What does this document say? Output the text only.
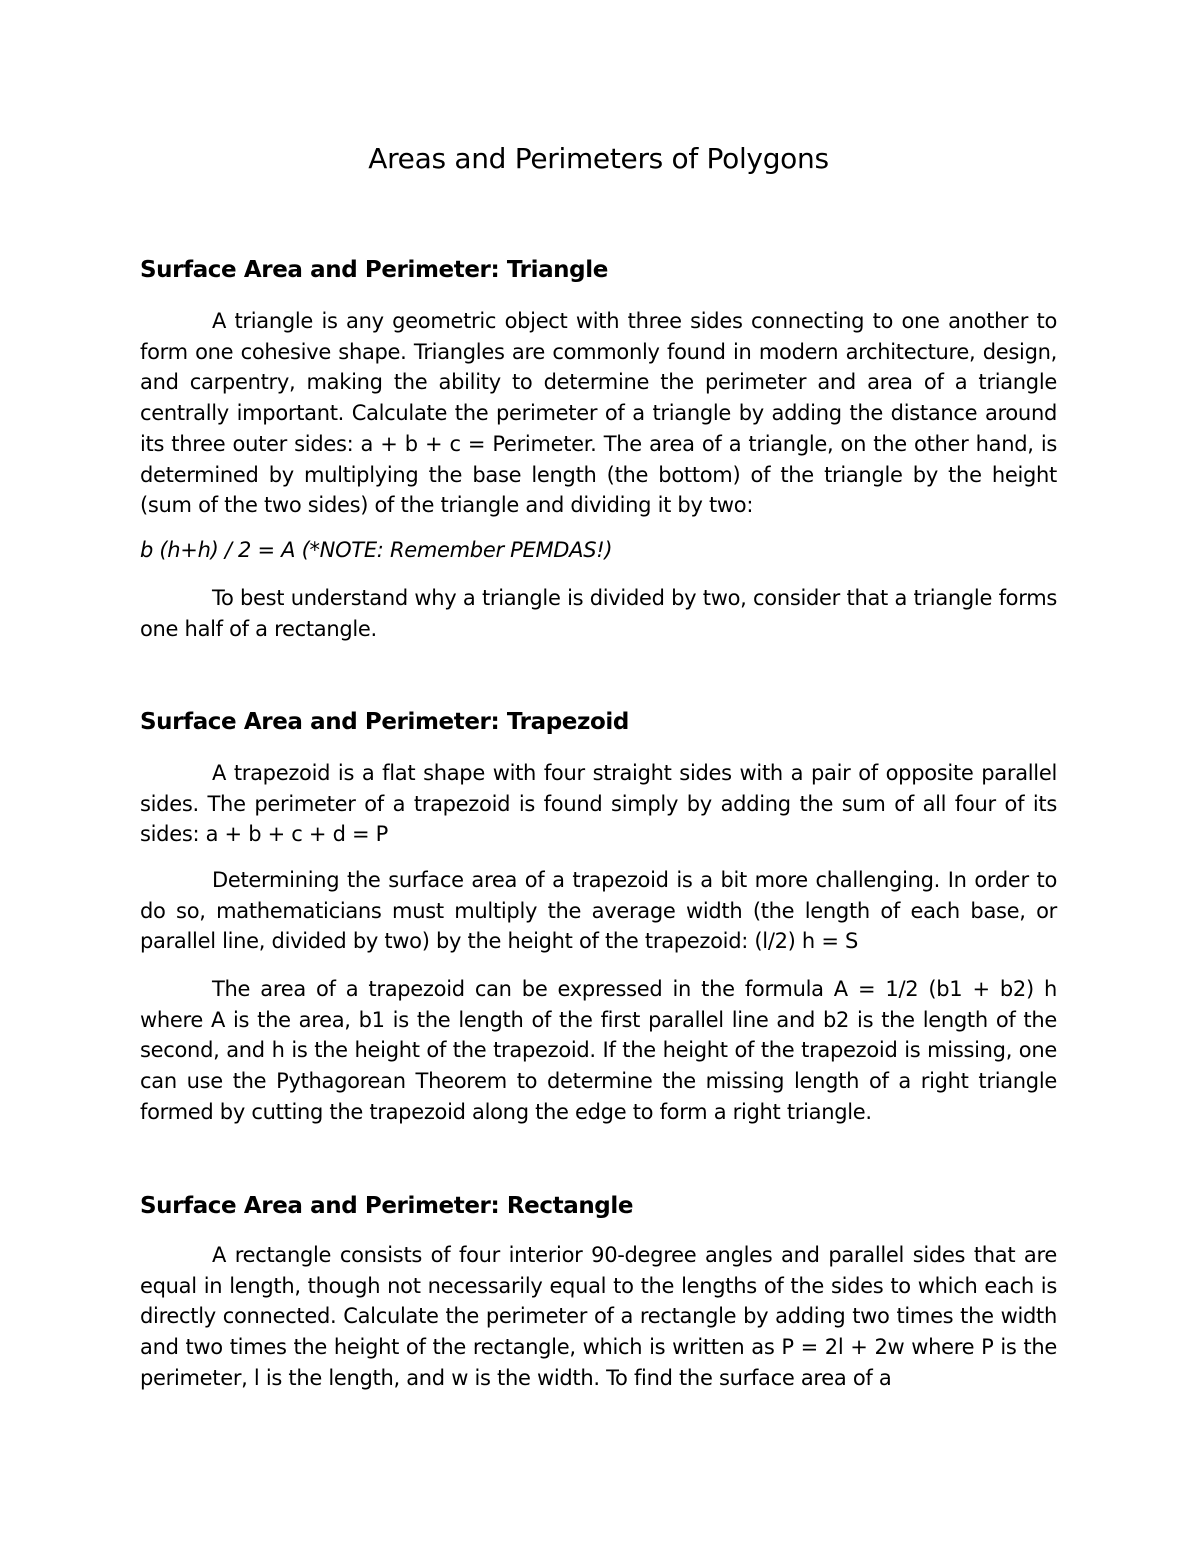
Areas and Perimeters of Polygons
Surface Area and Perimeter: Triangle

A triangle is any geometric object with three sides connecting to one another to form one cohesive shape. Triangles are commonly found in modern architecture, design, and carpentry, making the ability to determine the perimeter and area of a triangle centrally important. Calculate the perimeter of a triangle by adding the distance around its three outer sides: a + b + c = Perimeter. The area of a triangle, on the other hand, is determined by multiplying the base length (the bottom) of the triangle by the height (sum of the two sides) of the triangle and dividing it by two:

b (h+h) / 2 = A (*NOTE: Remember PEMDAS!)

To best understand why a triangle is divided by two, consider that a triangle forms one half of a rectangle.

Surface Area and Perimeter: Trapezoid

A trapezoid is a flat shape with four straight sides with a pair of opposite parallel sides. The perimeter of a trapezoid is found simply by adding the sum of all four of its sides: a + b + c + d = P

Determining the surface area of a trapezoid is a bit more challenging. In order to do so, mathematicians must multiply the average width (the length of each base, or parallel line, divided by two) by the height of the trapezoid: (l/2) h = S

The area of a trapezoid can be expressed in the formula A = 1/2 (b1 + b2) h where A is the area, b1 is the length of the first parallel line and b2 is the length of the second, and h is the height of the trapezoid. If the height of the trapezoid is missing, one can use the Pythagorean Theorem to determine the missing length of a right triangle formed by cutting the trapezoid along the edge to form a right triangle.

Surface Area and Perimeter: Rectangle

A rectangle consists of four interior 90-degree angles and parallel sides that are equal in length, though not necessarily equal to the lengths of the sides to which each is directly connected. Calculate the perimeter of a rectangle by adding two times the width and two times the height of the rectangle, which is written as P = 2l + 2w where P is the perimeter, l is the length, and w is the width. To find the surface area of a
